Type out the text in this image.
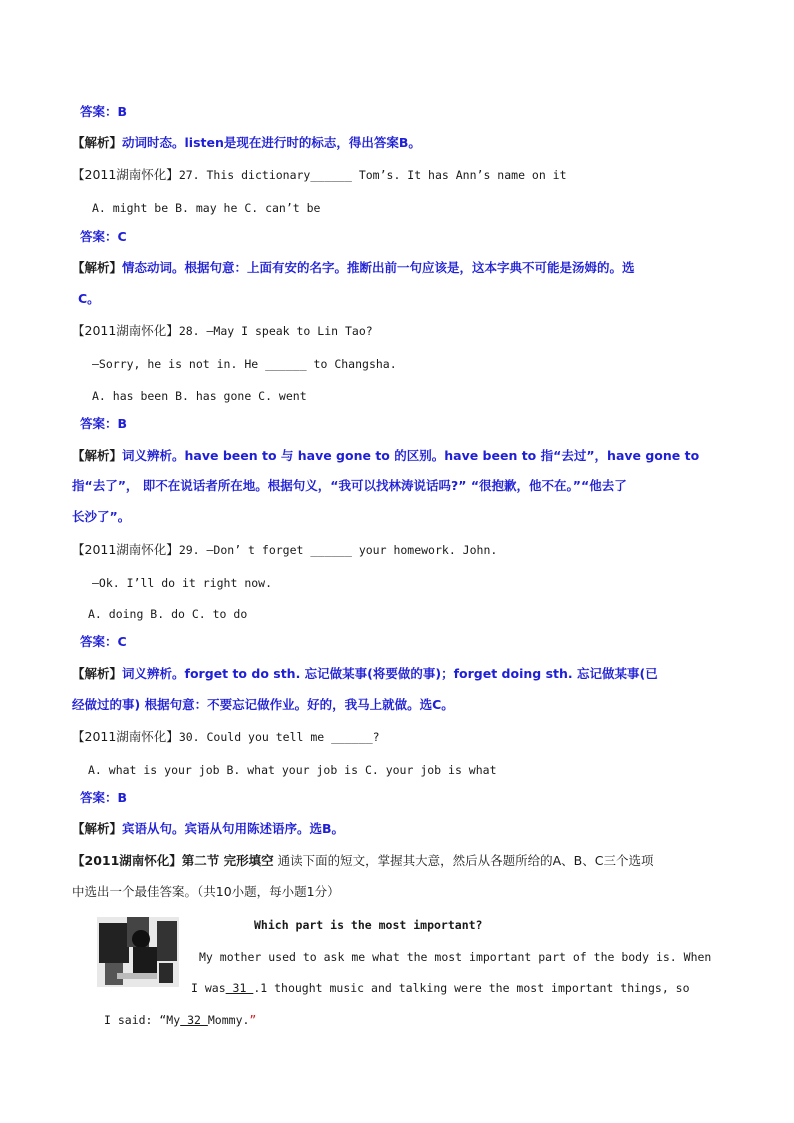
答案：B
【解析】动词时态。listen是现在进行时的标志，得出答案B。
【2011湖南怀化】27. This dictionary______ Tom’s. It has Ann’s name on it
A. might be B. may he C. can’t be
答案：C
【解析】情态动词。根据句意：上面有安的名字。推断出前一句应该是，这本字典不可能是汤姆的。选
C。
【2011湖南怀化】28. —May I speak to Lin Tao?
—Sorry, he is not in. He ______ to Changsha.
A. has been B. has gone C. went
答案：B
【解析】词义辨析。have been to 与 have gone to 的区别。have been to 指“去过”，have gone to
指“去了”， 即不在说话者所在地。根据句义，“我可以找林涛说话吗?” “很抱歉，他不在。”“他去了
长沙了”。
【2011湖南怀化】29. —Don’ t forget ______ your homework. John.
—Ok. I’ll do it right now.
A. doing B. do C. to do
答案：C
【解析】词义辨析。forget to do sth. 忘记做某事(将要做的事)；forget doing sth. 忘记做某事(已
经做过的事) 根据句意：不要忘记做作业。好的，我马上就做。选C。
【2011湖南怀化】30. Could you tell me ______?
A. what is your job B. what your job is C. your job is what
答案：B
【解析】宾语从句。宾语从句用陈述语序。选B。
【2011湖南怀化】第二节 完形填空 通读下面的短文，掌握其大意，然后从各题所给的A、B、C三个选项
中选出一个最佳答案。（共10小题，每小题1分）
Which part is the most important?
My mother used to ask me what the most important part of the body is. When
I was 31 .1 thought music and talking were the most important things, so
I said: “My 32 Mommy.”
